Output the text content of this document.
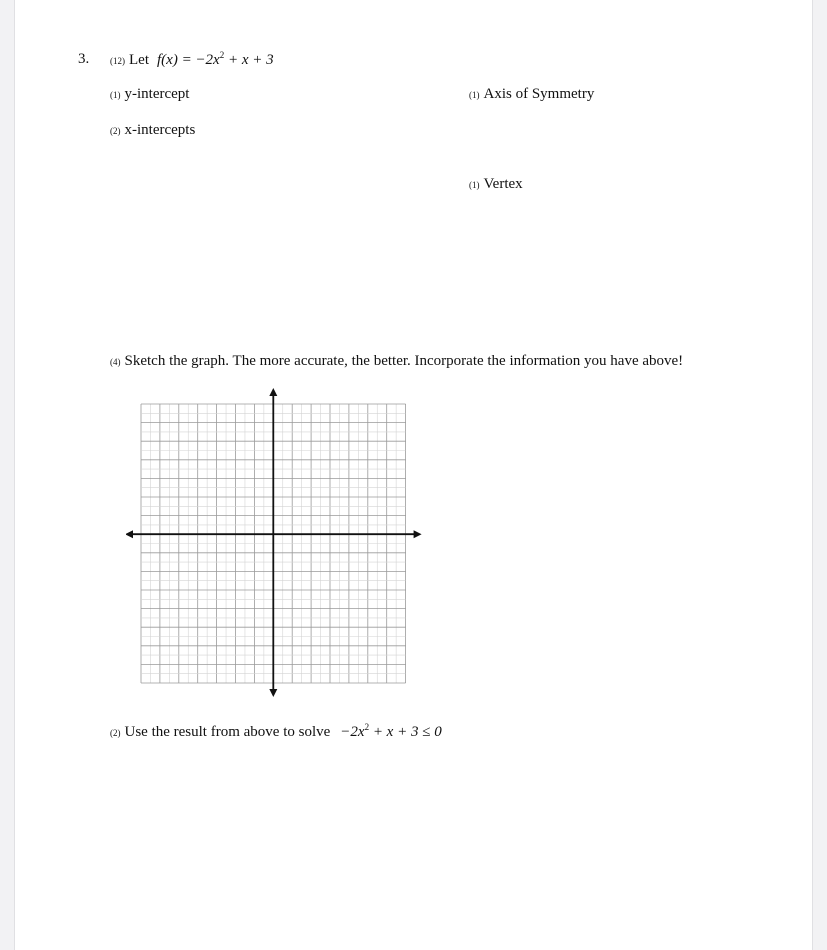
3. (12) Let $f(x) = -2x^2 + x + 3$
(1) y-intercept	(1) Axis of Symmetry
(2) x-intercepts
(1) Vertex
(4) Sketch the graph. The more accurate, the better. Incorporate the information you have above!
(2) Use the result from above to solve $-2x^2 + x + 3 \le 0$
